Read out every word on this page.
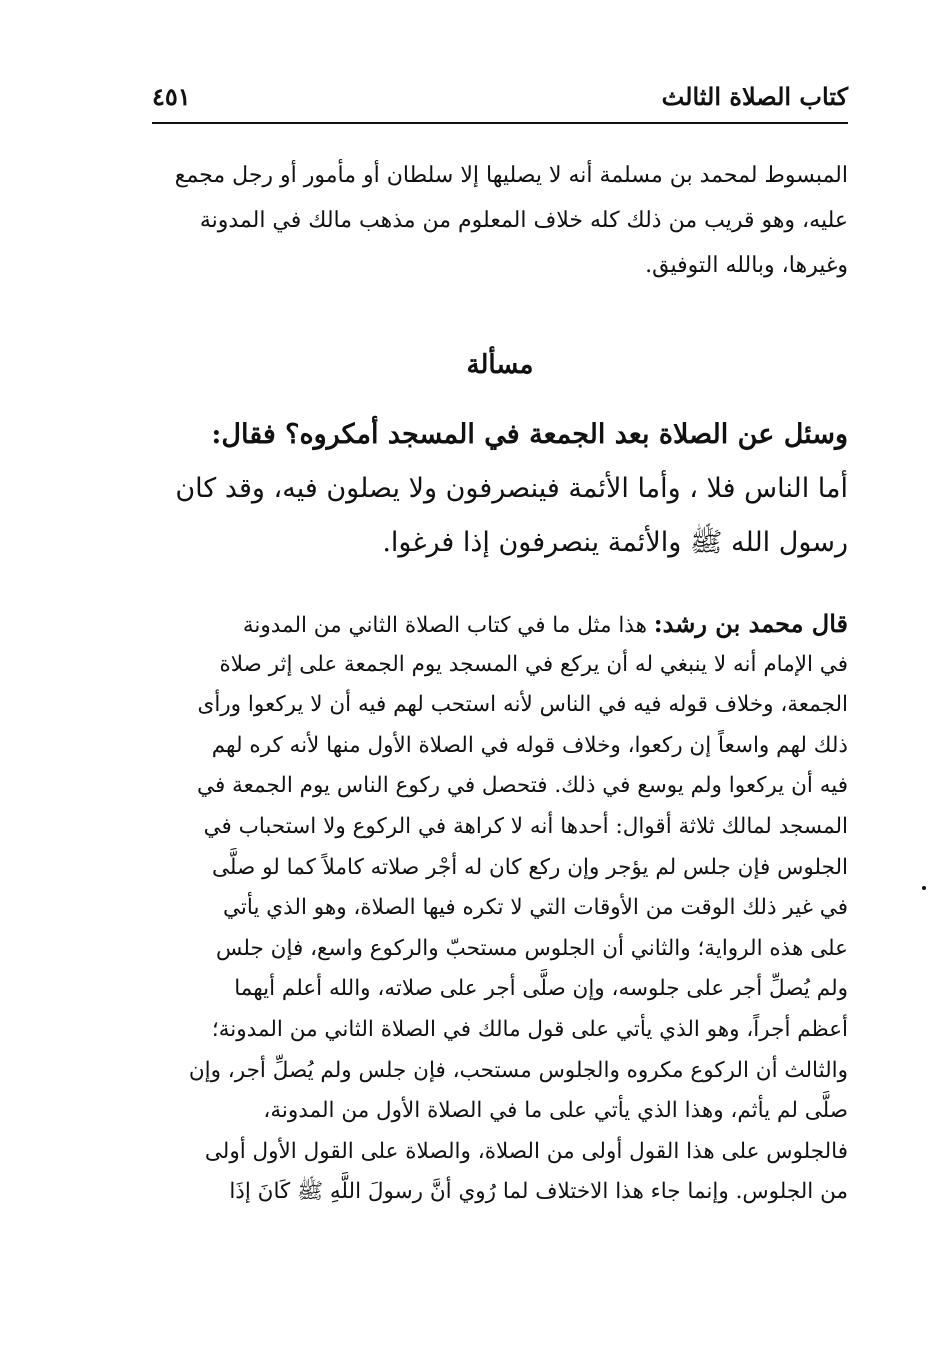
كتاب الصلاة الثالث
٤٥١
المبسوط لمحمد بن مسلمة أنه لا يصليها إلا سلطان أو مأمور أو رجل مجمع
عليه، وهو قريب من ذلك كله خلاف المعلوم من مذهب مالك في المدونة
وغيرها، وبالله التوفيق.
مسألة
وسئل عن الصلاة بعد الجمعة في المسجد أمكروه؟ فقال:
أما الناس فلا ، وأما الأئمة فينصرفون ولا يصلون فيه، وقد كان
رسول الله ﷺ والأئمة ينصرفون إذا فرغوا.
قال محمد بن رشد: هذا مثل ما في كتاب الصلاة الثاني من المدونة
في الإمام أنه لا ينبغي له أن يركع في المسجد يوم الجمعة على إثر صلاة
الجمعة، وخلاف قوله فيه في الناس لأنه استحب لهم فيه أن لا يركعوا ورأى
ذلك لهم واسعاً إن ركعوا، وخلاف قوله في الصلاة الأول منها لأنه كره لهم
فيه أن يركعوا ولم يوسع في ذلك. فتحصل في ركوع الناس يوم الجمعة في
المسجد لمالك ثلاثة أقوال: أحدها أنه لا كراهة في الركوع ولا استحباب في
الجلوس فإن جلس لم يؤجر وإن ركع كان له أجْر صلاته كاملاً كما لو صلَّى
في غير ذلك الوقت من الأوقات التي لا تكره فيها الصلاة، وهو الذي يأتي
على هذه الرواية؛ والثاني أن الجلوس مستحبّ والركوع واسع، فإن جلس
ولم يُصلِّ أجر على جلوسه، وإن صلَّى أجر على صلاته، والله أعلم أيهما
أعظم أجراً، وهو الذي يأتي على قول مالك في الصلاة الثاني من المدونة؛
والثالث أن الركوع مكروه والجلوس مستحب، فإن جلس ولم يُصلِّ أجر، وإن
صلَّى لم يأثم، وهذا الذي يأتي على ما في الصلاة الأول من المدونة،
فالجلوس على هذا القول أولى من الصلاة، والصلاة على القول الأول أولى
من الجلوس. وإنما جاء هذا الاختلاف لما رُوي أنَّ رسولَ اللَّهِ ﷺ كَانَ إذَا
